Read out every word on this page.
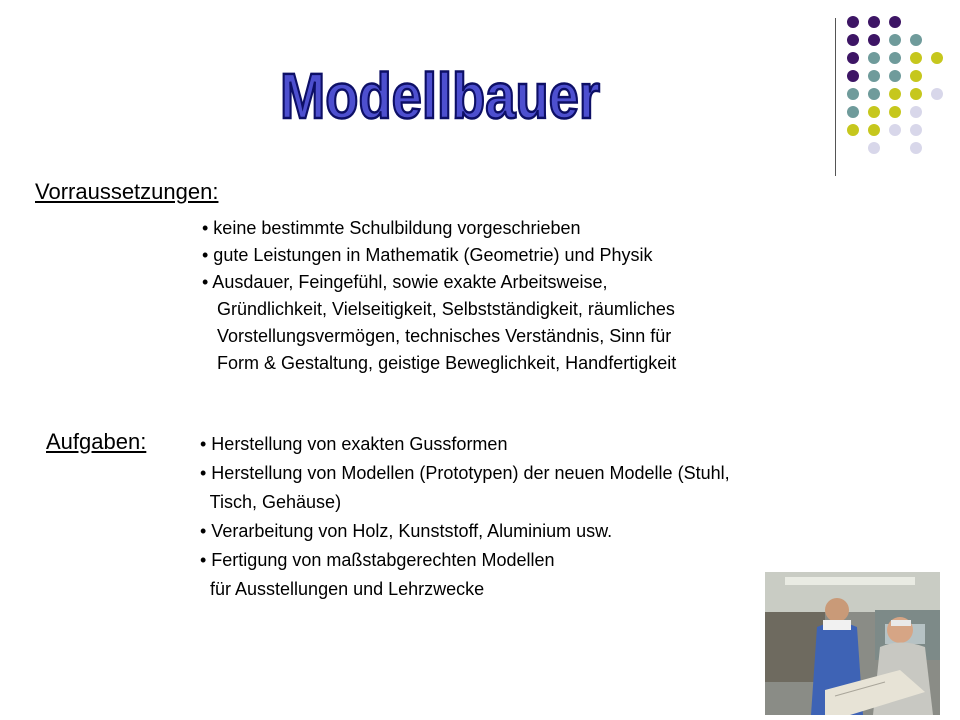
Modellbauer
Vorraussetzungen:
• keine bestimmte Schulbildung vorgeschrieben
• gute Leistungen in Mathematik (Geometrie) und Physik
• Ausdauer, Feingefühl, sowie exakte Arbeitsweise,
Gründlichkeit, Vielseitigkeit, Selbstständigkeit, räumliches
Vorstellungsvermögen, technisches Verständnis, Sinn für
Form & Gestaltung, geistige Beweglichkeit, Handfertigkeit
Aufgaben:	• Herstellung von exakten Gussformen
• Herstellung von Modellen (Prototypen) der neuen Modelle (Stuhl,
Tisch, Gehäuse)
• Verarbeitung von Holz, Kunststoff, Aluminium usw.
• Fertigung von maßstabgerechten Modellen
für Ausstellungen und Lehrzwecke
